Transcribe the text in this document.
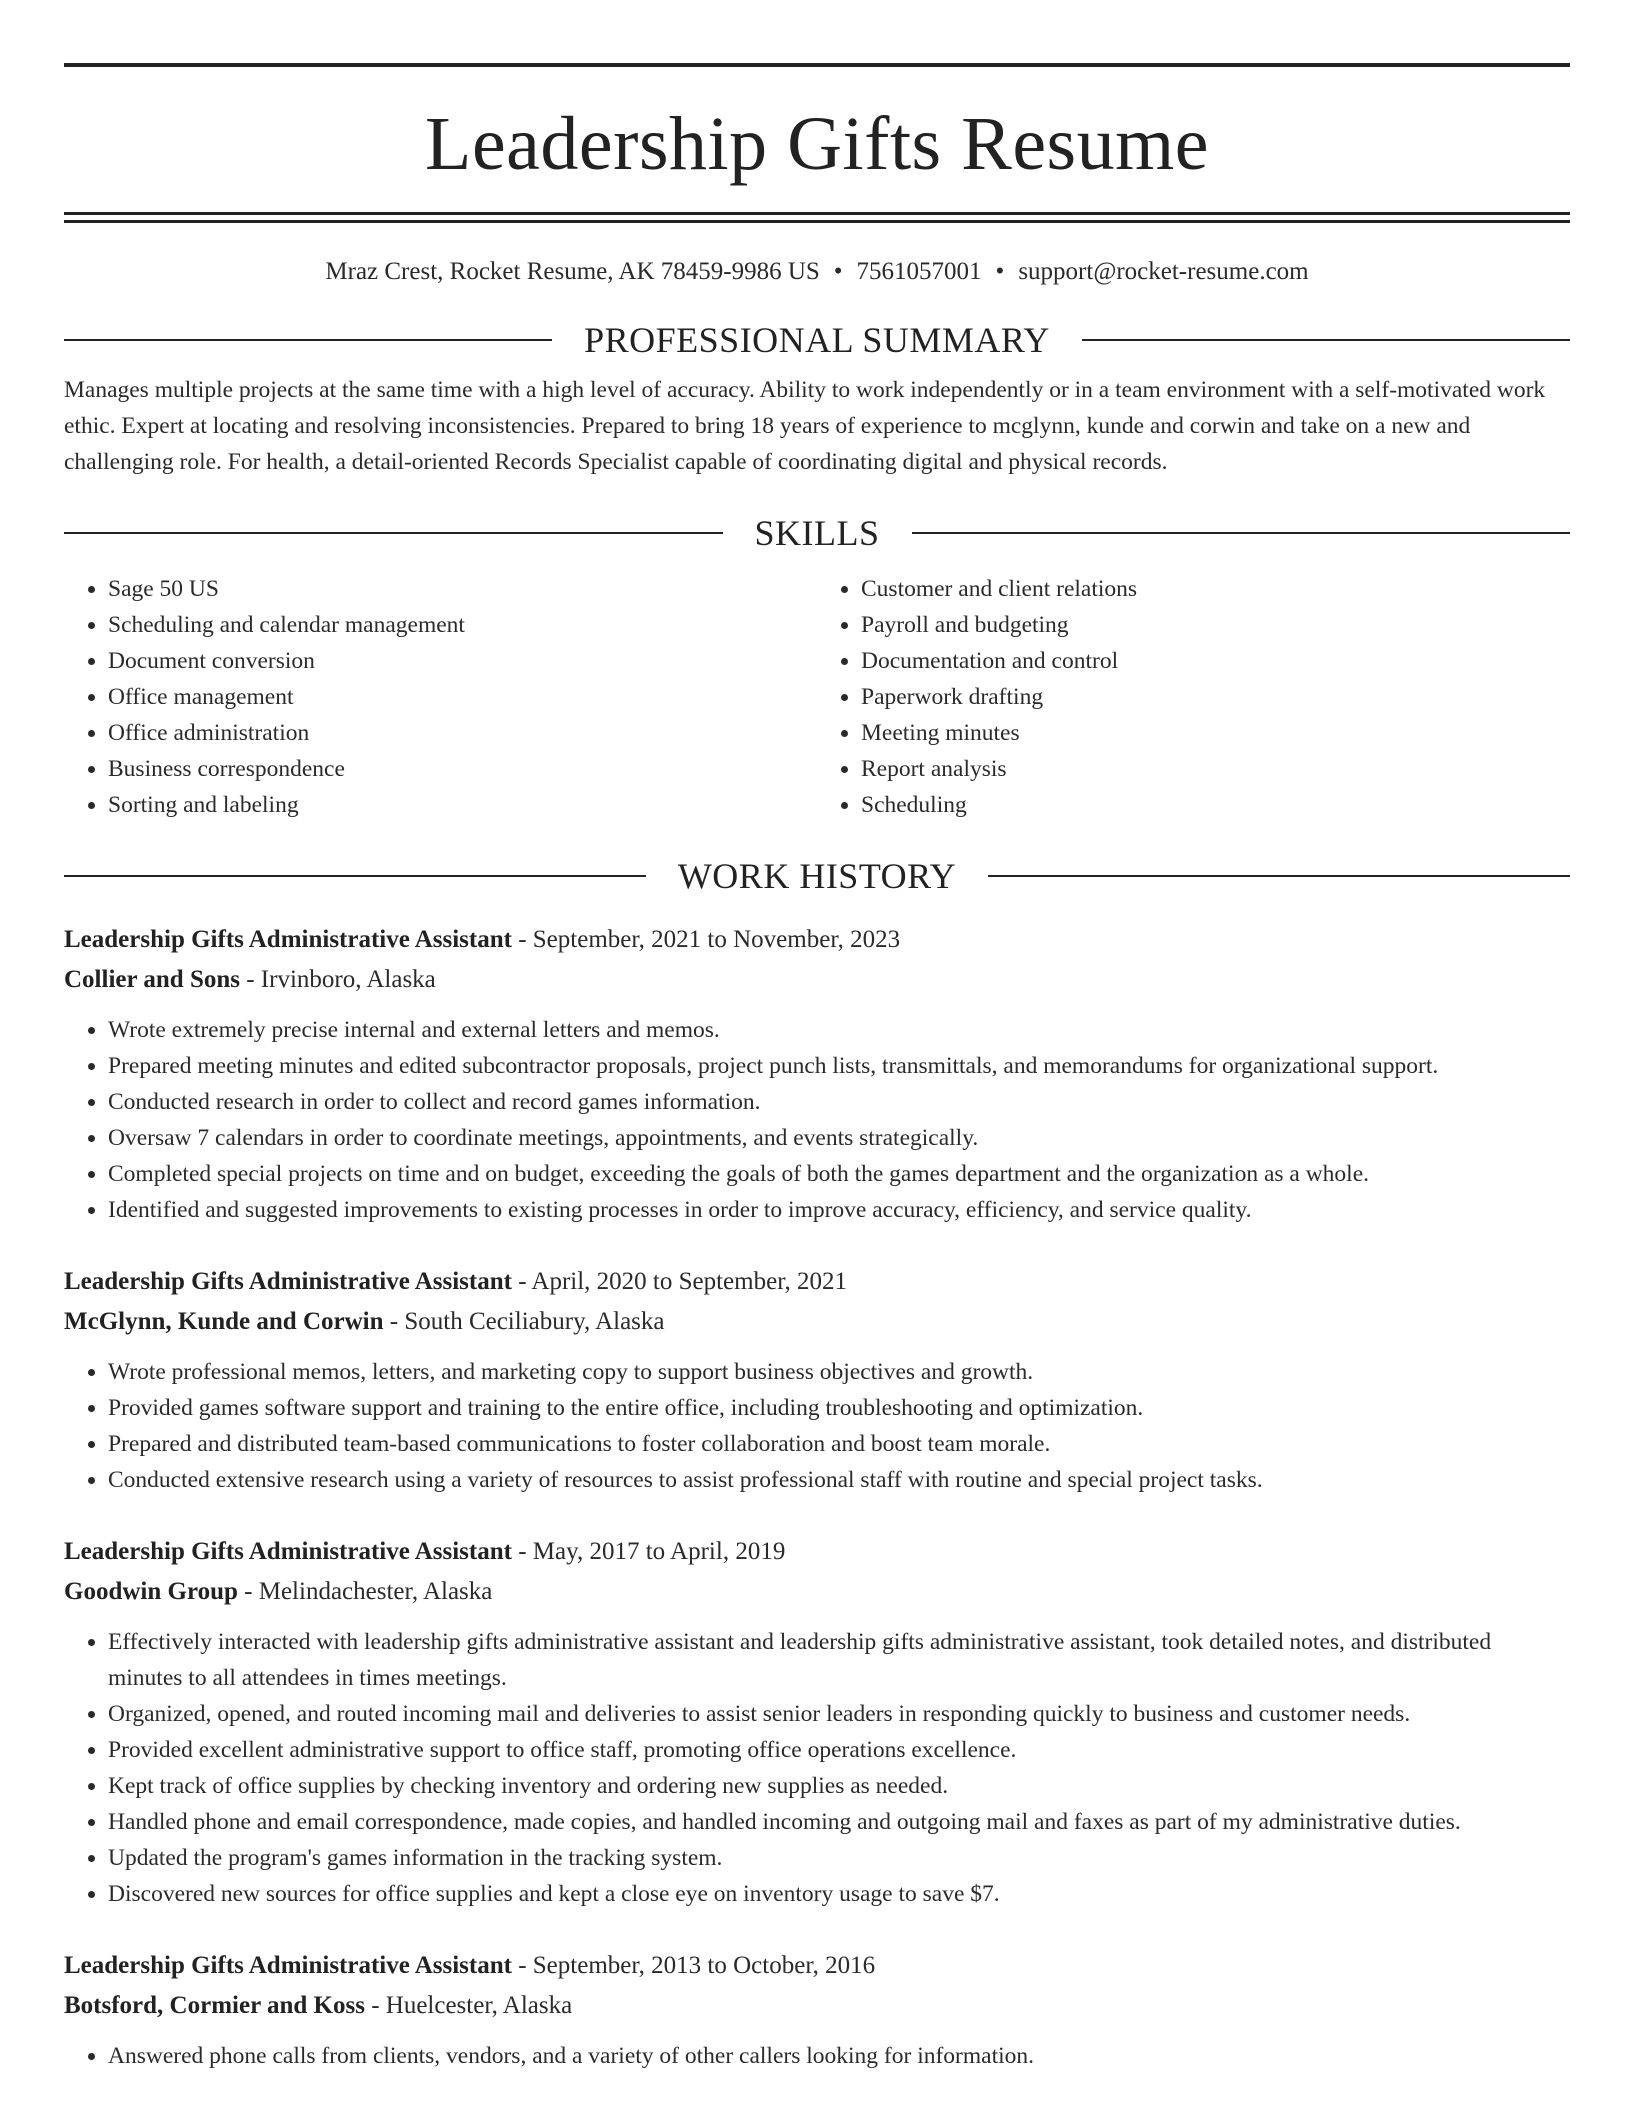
Leadership Gifts Resume
Mraz Crest, Rocket Resume, AK 78459-9986 US • 7561057001 • support@rocket-resume.com
PROFESSIONAL SUMMARY
Manages multiple projects at the same time with a high level of accuracy. Ability to work independently or in a team environment with a self-motivated work ethic. Expert at locating and resolving inconsistencies. Prepared to bring 18 years of experience to mcglynn, kunde and corwin and take on a new and challenging role. For health, a detail-oriented Records Specialist capable of coordinating digital and physical records.
SKILLS
• Sage 50 US
• Scheduling and calendar management
• Document conversion
• Office management
• Office administration
• Business correspondence
• Sorting and labeling
• Customer and client relations
• Payroll and budgeting
• Documentation and control
• Paperwork drafting
• Meeting minutes
• Report analysis
• Scheduling
WORK HISTORY
Leadership Gifts Administrative Assistant - September, 2021 to November, 2023
Collier and Sons - Irvinboro, Alaska
• Wrote extremely precise internal and external letters and memos.
• Prepared meeting minutes and edited subcontractor proposals, project punch lists, transmittals, and memorandums for organizational support.
• Conducted research in order to collect and record games information.
• Oversaw 7 calendars in order to coordinate meetings, appointments, and events strategically.
• Completed special projects on time and on budget, exceeding the goals of both the games department and the organization as a whole.
• Identified and suggested improvements to existing processes in order to improve accuracy, efficiency, and service quality.
Leadership Gifts Administrative Assistant - April, 2020 to September, 2021
McGlynn, Kunde and Corwin - South Ceciliabury, Alaska
• Wrote professional memos, letters, and marketing copy to support business objectives and growth.
• Provided games software support and training to the entire office, including troubleshooting and optimization.
• Prepared and distributed team-based communications to foster collaboration and boost team morale.
• Conducted extensive research using a variety of resources to assist professional staff with routine and special project tasks.
Leadership Gifts Administrative Assistant - May, 2017 to April, 2019
Goodwin Group - Melindachester, Alaska
• Effectively interacted with leadership gifts administrative assistant and leadership gifts administrative assistant, took detailed notes, and distributed minutes to all attendees in times meetings.
• Organized, opened, and routed incoming mail and deliveries to assist senior leaders in responding quickly to business and customer needs.
• Provided excellent administrative support to office staff, promoting office operations excellence.
• Kept track of office supplies by checking inventory and ordering new supplies as needed.
• Handled phone and email correspondence, made copies, and handled incoming and outgoing mail and faxes as part of my administrative duties.
• Updated the program's games information in the tracking system.
• Discovered new sources for office supplies and kept a close eye on inventory usage to save $7.
Leadership Gifts Administrative Assistant - September, 2013 to October, 2016
Botsford, Cormier and Koss - Huelcester, Alaska
• Answered phone calls from clients, vendors, and a variety of other callers looking for information.
